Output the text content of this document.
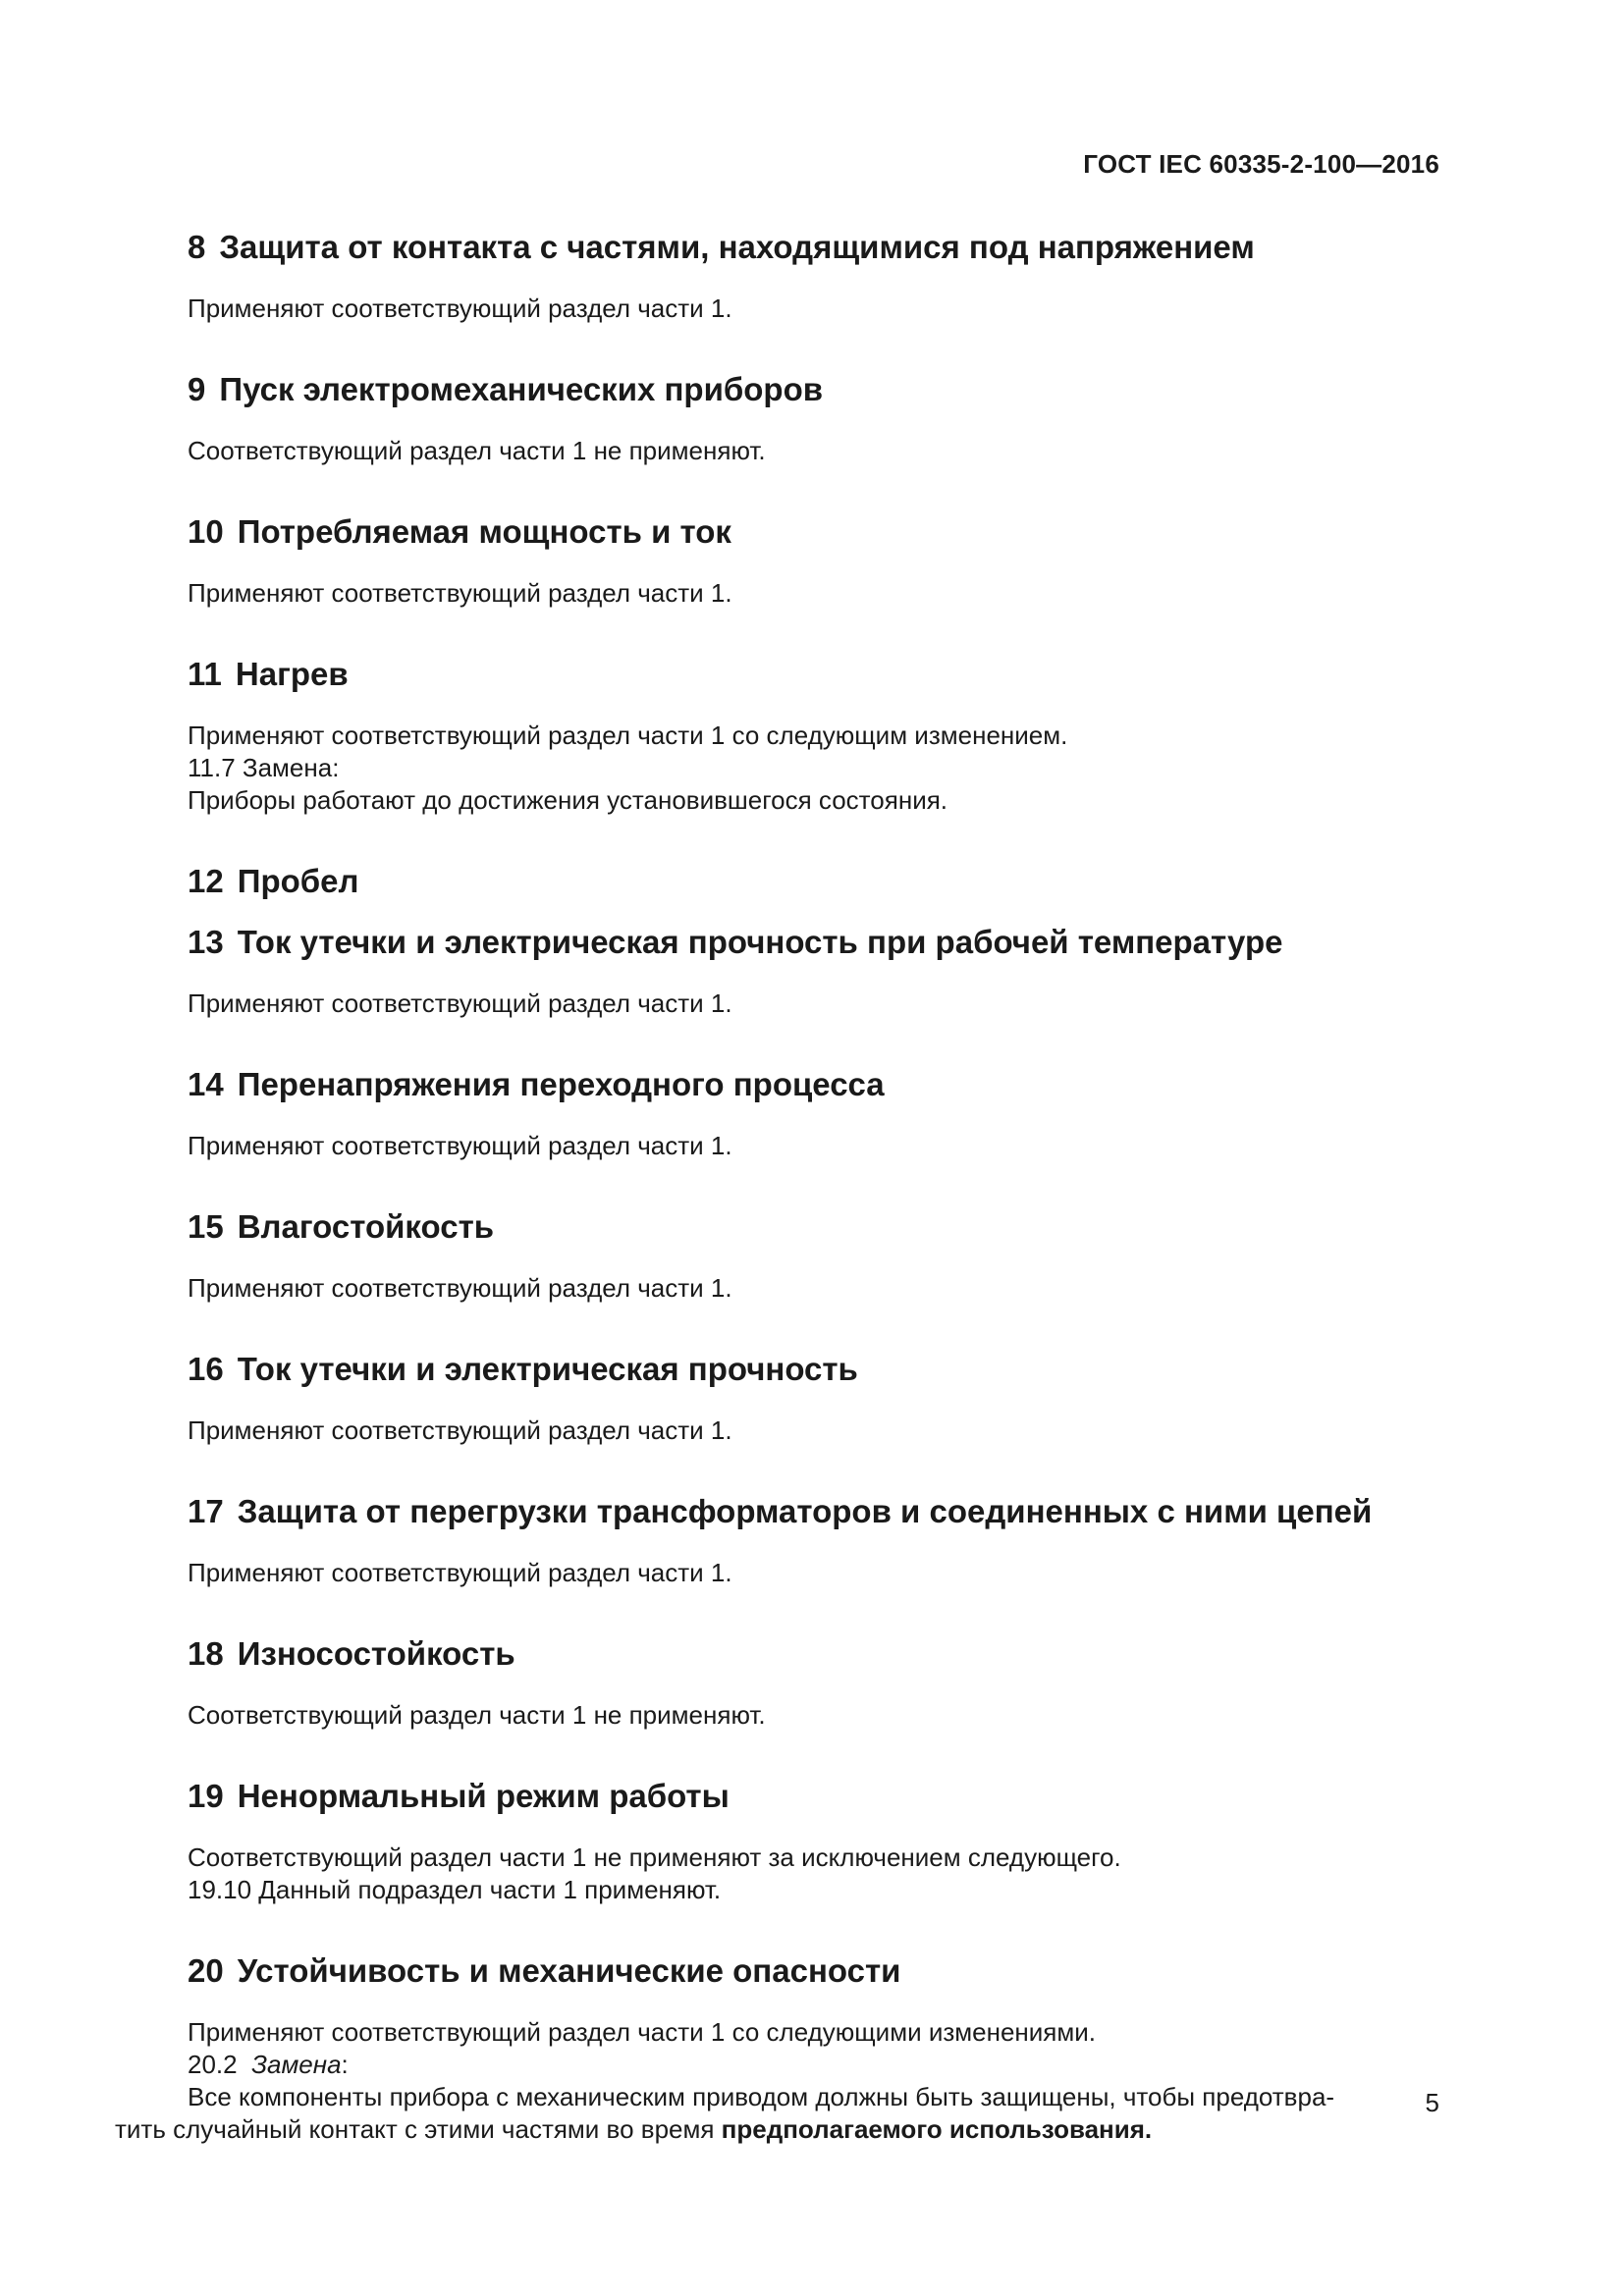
ГОСТ IEC 60335-2-100—2016
8 Защита от контакта с частями, находящимися под напряжением

Применяют соответствующий раздел части 1.

9 Пуск электромеханических приборов

Соответствующий раздел части 1 не применяют.

10 Потребляемая мощность и ток

Применяют соответствующий раздел части 1.

11 Нагрев

Применяют соответствующий раздел части 1 со следующим изменением.

11.7 Замена:

Приборы работают до достижения установившегося состояния.

12 Пробел
13 Ток утечки и электрическая прочность при рабочей температуре

Применяют соответствующий раздел части 1.

14 Перенапряжения переходного процесса

Применяют соответствующий раздел части 1.

15 Влагостойкость

Применяют соответствующий раздел части 1.

16 Ток утечки и электрическая прочность

Применяют соответствующий раздел части 1.

17 Защита от перегрузки трансформаторов и соединенных с ними цепей

Применяют соответствующий раздел части 1.

18 Износостойкость

Соответствующий раздел части 1 не применяют.

19 Ненормальный режим работы

Соответствующий раздел части 1 не применяют за исключением следующего.

19.10 Данный подраздел части 1 применяют.

20 Устойчивость и механические опасности

Применяют соответствующий раздел части 1 со следующими изменениями.

20.2 Замена:

Все компоненты прибора с механическим приводом должны быть защищены, чтобы предотвра-

тить случайный контакт с этими частями во время предполагаемого использования.

5
